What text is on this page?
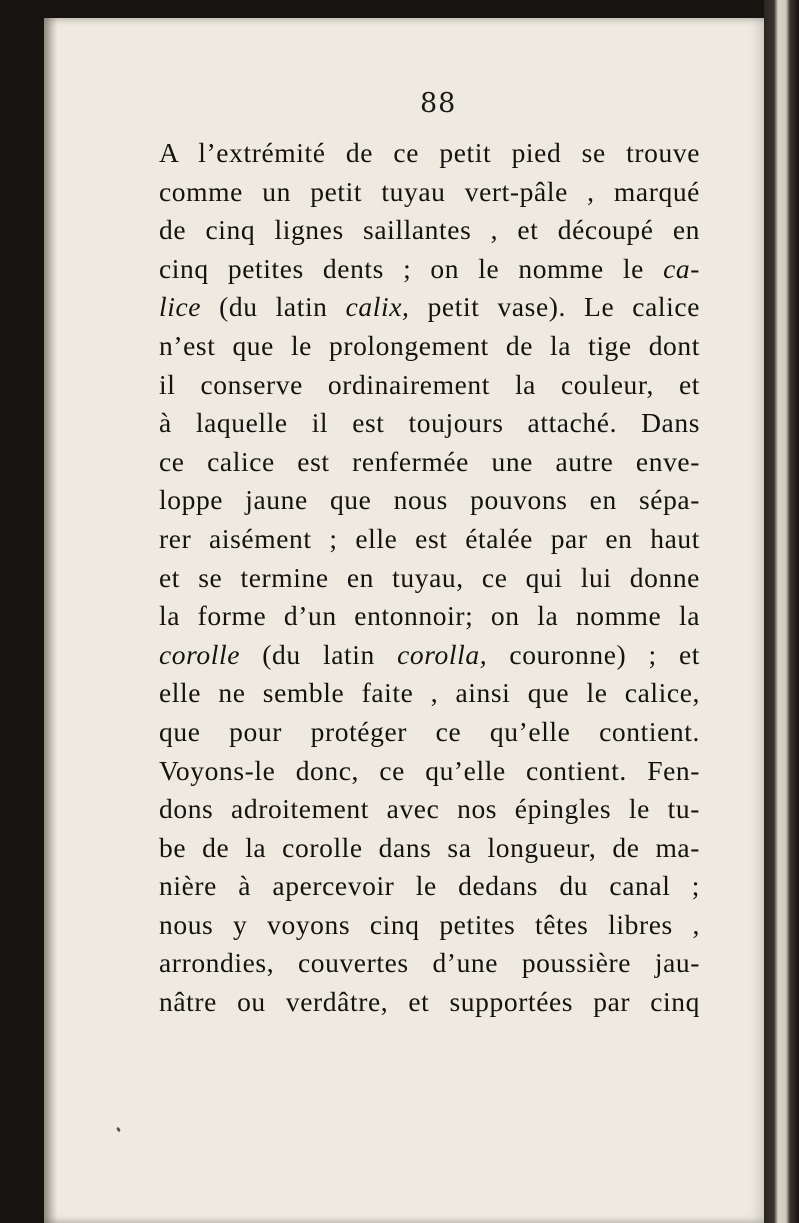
88
A l’extrémité de ce petit pied se trouve
comme un petit tuyau vert-pâle , marqué
de cinq lignes saillantes , et découpé en
cinq petites dents ; on le nomme le ca-
lice (du latin calix, petit vase). Le calice
n’est que le prolongement de la tige dont
il conserve ordinairement la couleur, et
à laquelle il est toujours attaché. Dans
ce calice est renfermée une autre enve-
loppe jaune que nous pouvons en sépa-
rer aisément ; elle est étalée par en haut
et se termine en tuyau, ce qui lui donne
la forme d’un entonnoir; on la nomme la
corolle (du latin corolla, couronne) ; et
elle ne semble faite , ainsi que le calice,
que pour protéger ce qu’elle contient.
Voyons-le donc, ce qu’elle contient. Fen-
dons adroitement avec nos épingles le tu-
be de la corolle dans sa longueur, de ma-
nière à apercevoir le dedans du canal ;
nous y voyons cinq petites têtes libres ,
arrondies, couvertes d’une poussière jau-
nâtre ou verdâtre, et supportées par cinq
